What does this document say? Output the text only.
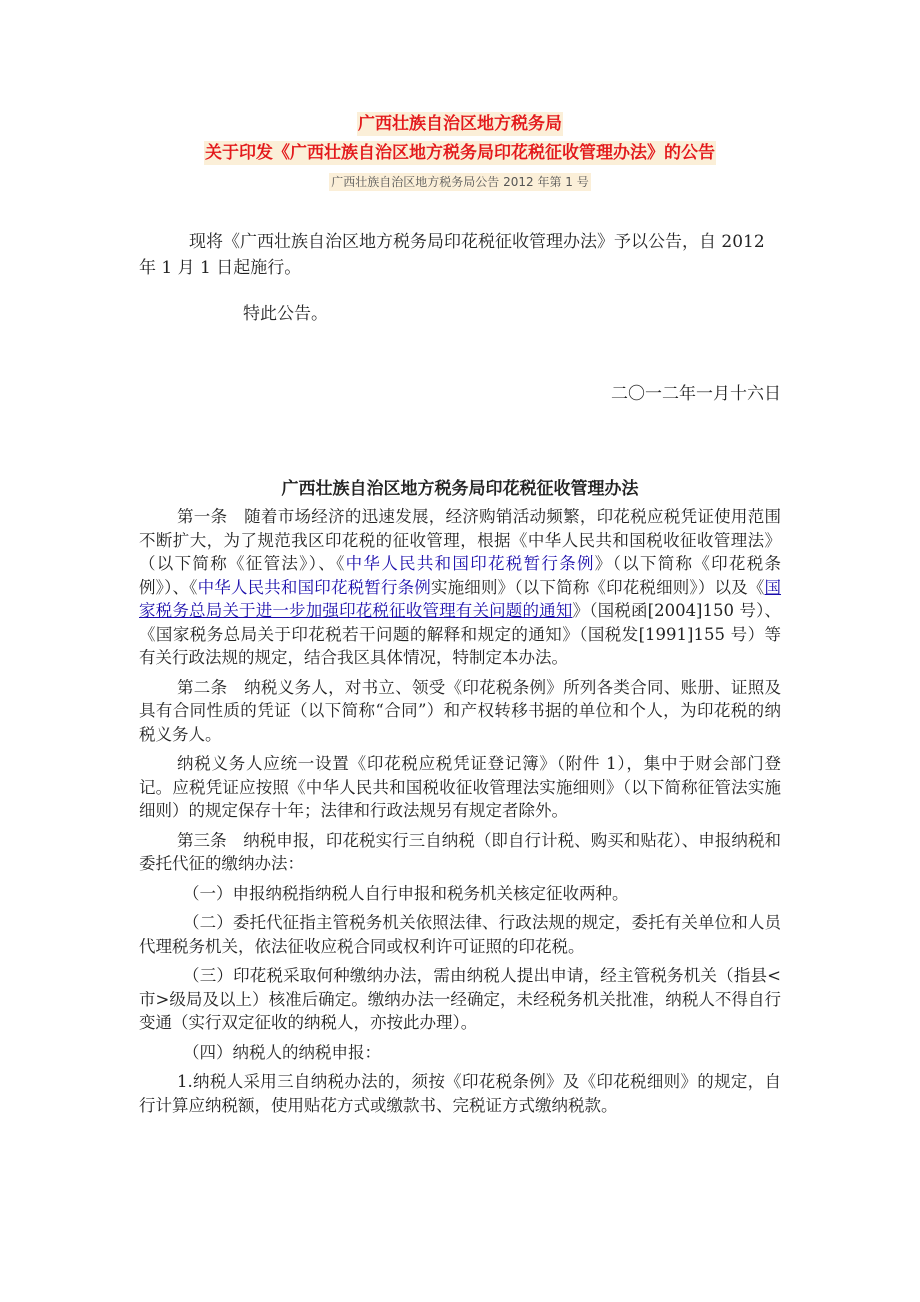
广西壮族自治区地方税务局
关于印发《广西壮族自治区地方税务局印花税征收管理办法》的公告
广西壮族自治区地方税务局公告 2012 年第 1 号

现将《广西壮族自治区地方税务局印花税征收管理办法》予以公告，自 2012 年 1 月 1 日起施行。

特此公告。
二〇一二年一月十六日
广西壮族自治区地方税务局印花税征收管理办法

第一条　随着市场经济的迅速发展，经济购销活动频繁，印花税应税凭证使用范围不断扩大，为了规范我区印花税的征收管理，根据《中华人民共和国税收征收管理法》（以下简称《征管法》）、《中华人民共和国印花税暂行条例》（以下简称《印花税条例》）、《中华人民共和国印花税暂行条例实施细则》（以下简称《印花税细则》）以及《国家税务总局关于进一步加强印花税征收管理有关问题的通知》（国税函[2004]150 号）、《国家税务总局关于印花税若干问题的解释和规定的通知》（国税发[1991]155 号）等有关行政法规的规定，结合我区具体情况，特制定本办法。

第二条　纳税义务人，对书立、领受《印花税条例》所列各类合同、账册、证照及具有合同性质的凭证（以下简称“合同”）和产权转移书据的单位和个人，为印花税的纳税义务人。

纳税义务人应统一设置《印花税应税凭证登记簿》（附件 1），集中于财会部门登记。应税凭证应按照《中华人民共和国税收征收管理法实施细则》（以下简称征管法实施细则）的规定保存十年；法律和行政法规另有规定者除外。

第三条　纳税申报，印花税实行三自纳税（即自行计税、购买和贴花）、申报纳税和委托代征的缴纳办法：

（一）申报纳税指纳税人自行申报和税务机关核定征收两种。

（二）委托代征指主管税务机关依照法律、行政法规的规定，委托有关单位和人员代理税务机关，依法征收应税合同或权利许可证照的印花税。

（三）印花税采取何种缴纳办法，需由纳税人提出申请，经主管税务机关（指县<市>级局及以上）核准后确定。缴纳办法一经确定，未经税务机关批准，纳税人不得自行变通（实行双定征收的纳税人，亦按此办理）。

（四）纳税人的纳税申报：

1.纳税人采用三自纳税办法的，须按《印花税条例》及《印花税细则》的规定，自行计算应纳税额，使用贴花方式或缴款书、完税证方式缴纳税款。
